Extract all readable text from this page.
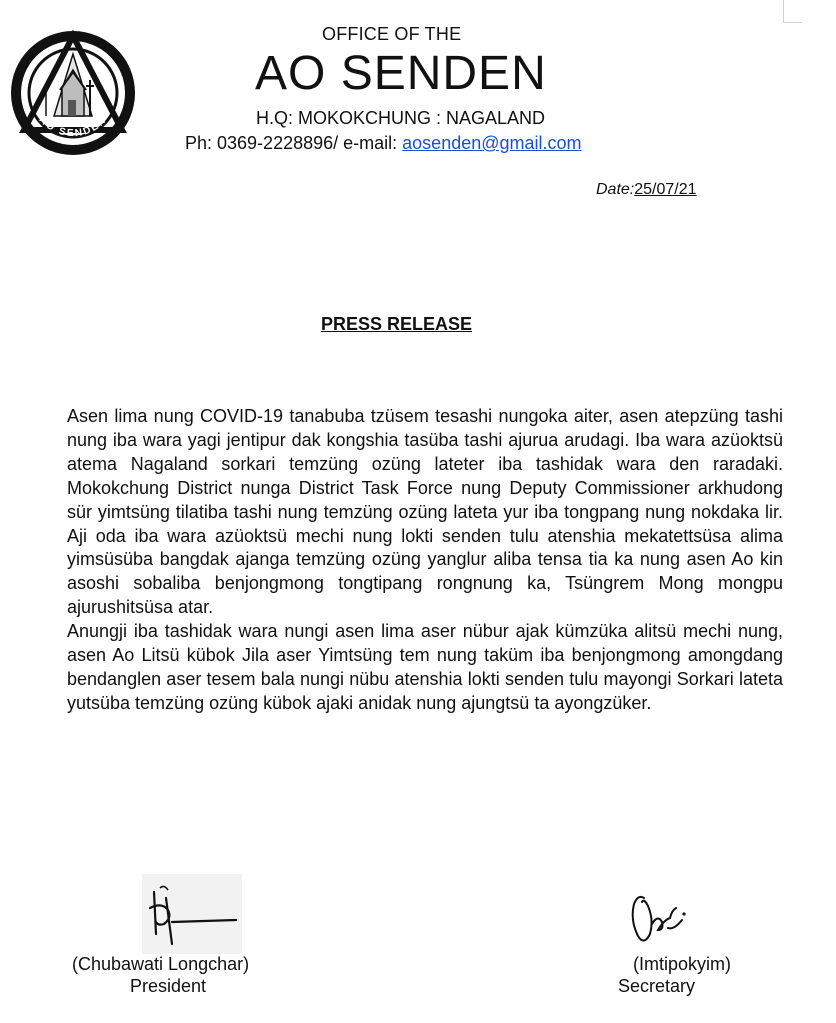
AO SENDEN
OFFICE OF THE
AO SENDEN
H.Q: MOKOKCHUNG : NAGALAND
Ph: 0369-2228896/ e-mail: aosenden@gmail.com
Date:25/07/21
PRESS RELEASE

Asen lima nung COVID-19 tanabuba tzüsem tesashi nungoka aiter, asen atepzüng tashi nung iba wara yagi jentipur dak kongshia tasüba tashi ajurua arudagi. Iba wara azüoktsü atema Nagaland sorkari temzüng ozüng lateter iba tashidak wara den raradaki. Mokokchung District nunga District Task Force nung Deputy Commissioner arkhudong sür yimtsüng tilatiba tashi nung temzüng ozüng lateta yur iba tongpang nung nokdaka lir. Aji oda iba wara azüoktsü mechi nung lokti senden tulu atenshia mekatettsüsa alima yimsüsüba bangdak ajanga temzüng ozüng yanglur aliba tensa tia ka nung asen Ao kin asoshi sobaliba benjongmong tongtipang rongnung ka, Tsüngrem Mong mongpu ajurushitsüsa atar.

Anungji iba tashidak wara nungi asen lima aser nübur ajak kümzüka alitsü mechi nung, asen Ao Litsü kübok Jila aser Yimtsüng tem nung taküm iba benjongmong amongdang bendanglen aser tesem bala nungi nübu atenshia lokti senden tulu mayongi Sorkari lateta yutsüba temzüng ozüng kübok ajaki anidak nung ajungtsü ta ayongzüker.

(Chubawati Longchar)
President
(Imtipokyim)
Secretary
